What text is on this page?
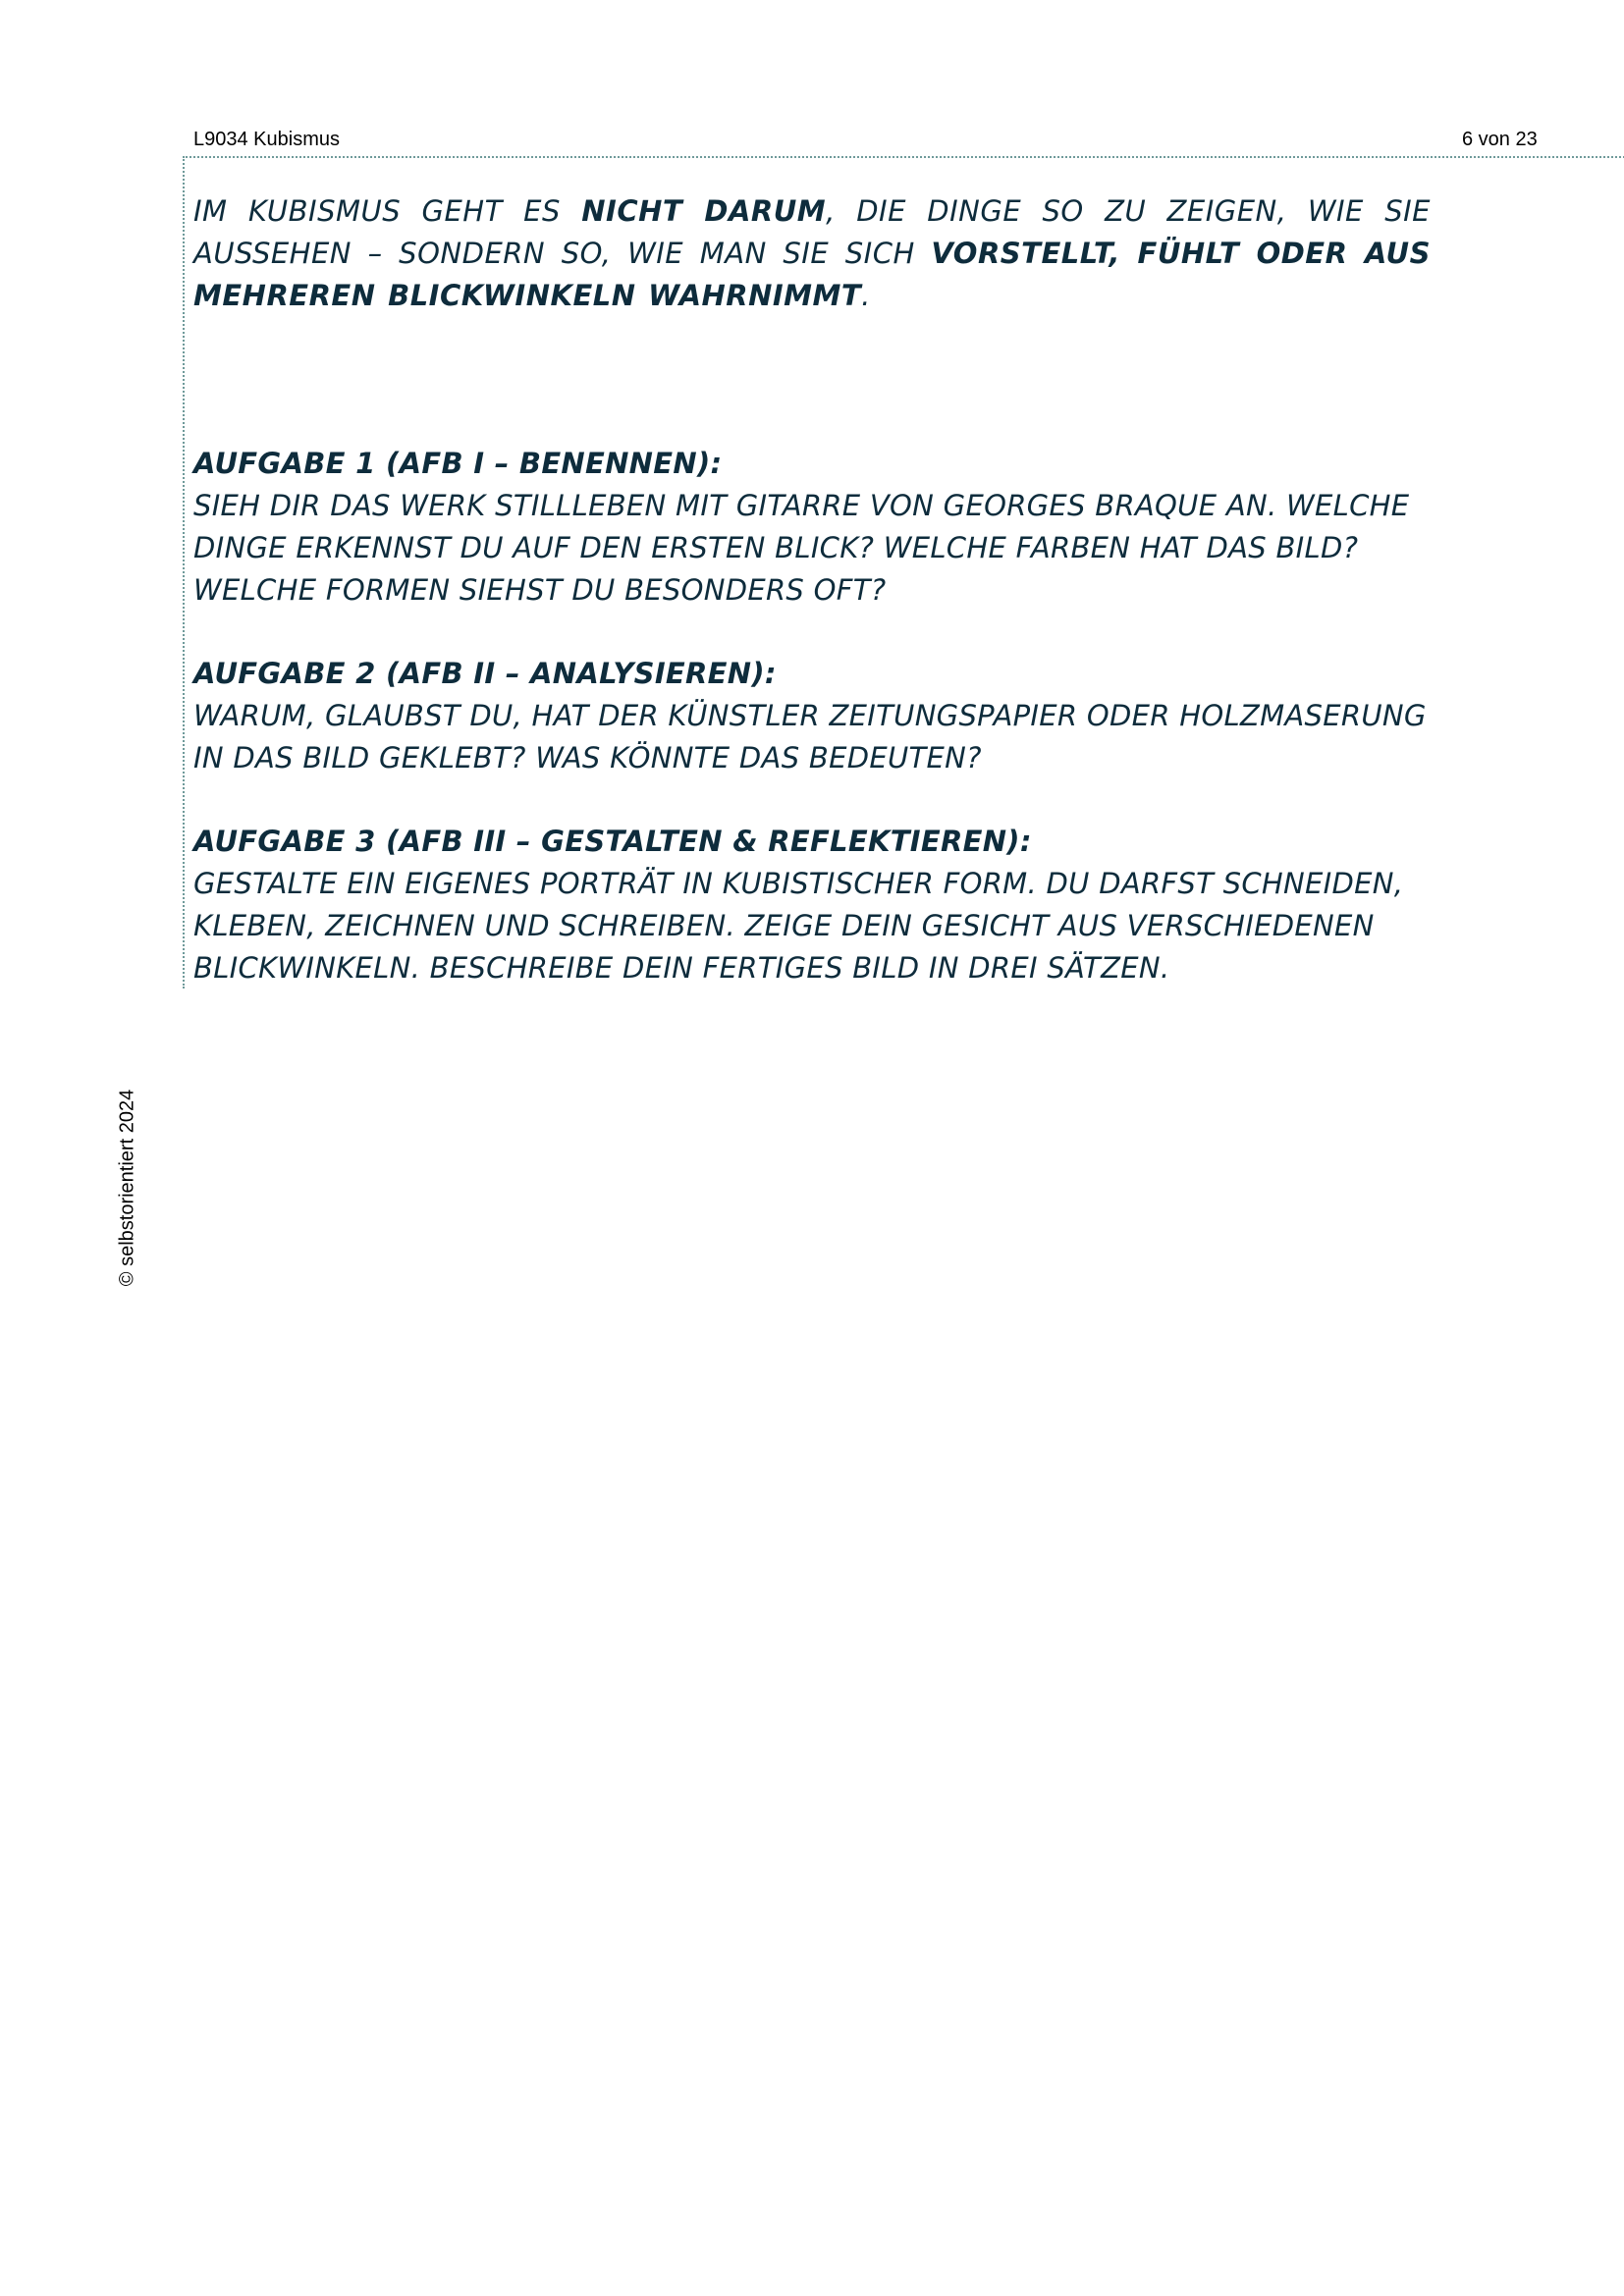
L9034 Kubismus	6 von 23
© selbstorientiert 2024

IM KUBISMUS GEHT ES NICHT DARUM, DIE DINGE SO ZU ZEIGEN, WIE SIE AUSSEHEN – SONDERN SO, WIE MAN SIE SICH VORSTELLT, FÜHLT ODER AUS MEHREREN BLICKWINKELN WAHRNIMMT.

AUFGABE 1 (AFB I – BENENNEN):
SIEH DIR DAS WERK STILLLEBEN MIT GITARRE VON GEORGES BRAQUE AN. WELCHE DINGE ERKENNST DU AUF DEN ERSTEN BLICK? WELCHE FARBEN HAT DAS BILD? WELCHE FORMEN SIEHST DU BESONDERS OFT?

AUFGABE 2 (AFB II – ANALYSIEREN):
WARUM, GLAUBST DU, HAT DER KÜNSTLER ZEITUNGSPAPIER ODER HOLZMASERUNG IN DAS BILD GEKLEBT? WAS KÖNNTE DAS BEDEUTEN?

AUFGABE 3 (AFB III – GESTALTEN & REFLEKTIEREN):
GESTALTE EIN EIGENES PORTRÄT IN KUBISTISCHER FORM. DU DARFST SCHNEIDEN, KLEBEN, ZEICHNEN UND SCHREIBEN. ZEIGE DEIN GESICHT AUS VERSCHIEDENEN BLICKWINKELN. BESCHREIBE DEIN FERTIGES BILD IN DREI SÄTZEN.
